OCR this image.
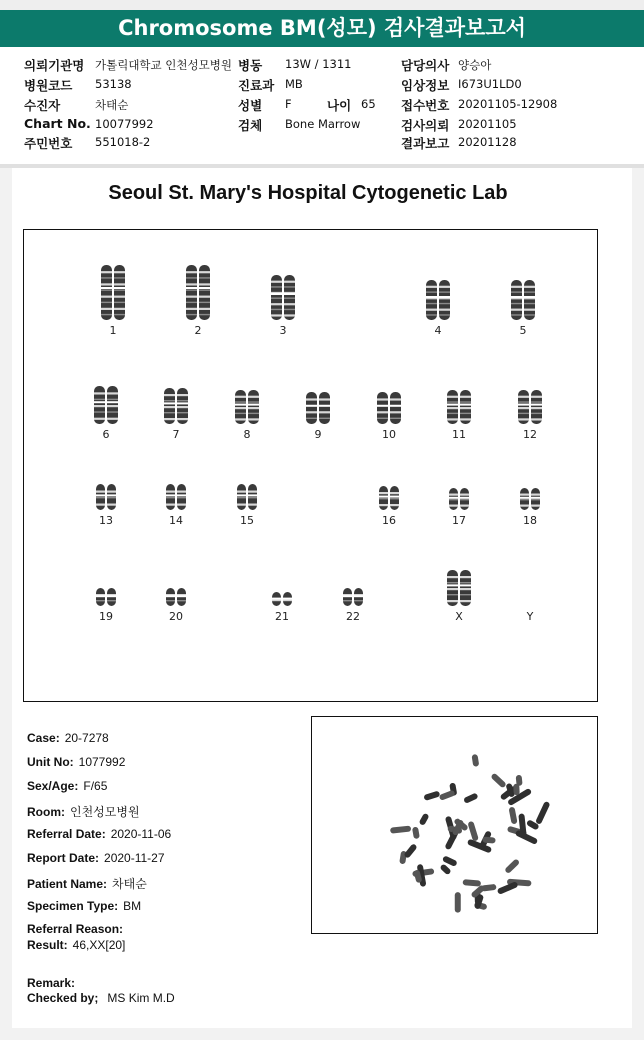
Chromosome BM(성모) 검사결과보고서
의뢰기관명 가톨릭대학교 인천성모병원 병동 13W / 1311	담당의사 양승아
병원코드 53138	진료과 MB	임상정보 I673U1LD0
수진자	차태순	성별 F	나이 65 접수번호 20201105-12908
Chart No. 10077992	검체 Bone Marrow	검사의뢰 20201105
주민번호 551018-2	결과보고 20201128
Seoul St. Mary's Hospital Cytogenetic Lab
1	2	3	4	5
6	7	8	9	10	11	12
13	14	15	16	17	18
19	20	21	22	X	Y
Case: 20-7278
Unit No: 1077992
Sex/Age: F/65
Room: 인천성모병원
Referral Date: 2020-11-06
Report Date: 2020-11-27
Patient Name: 차태순
Specimen Type: BM
Referral Reason:
Result: 46,XX[20]
Remark:
Checked by; MS Kim M.D
